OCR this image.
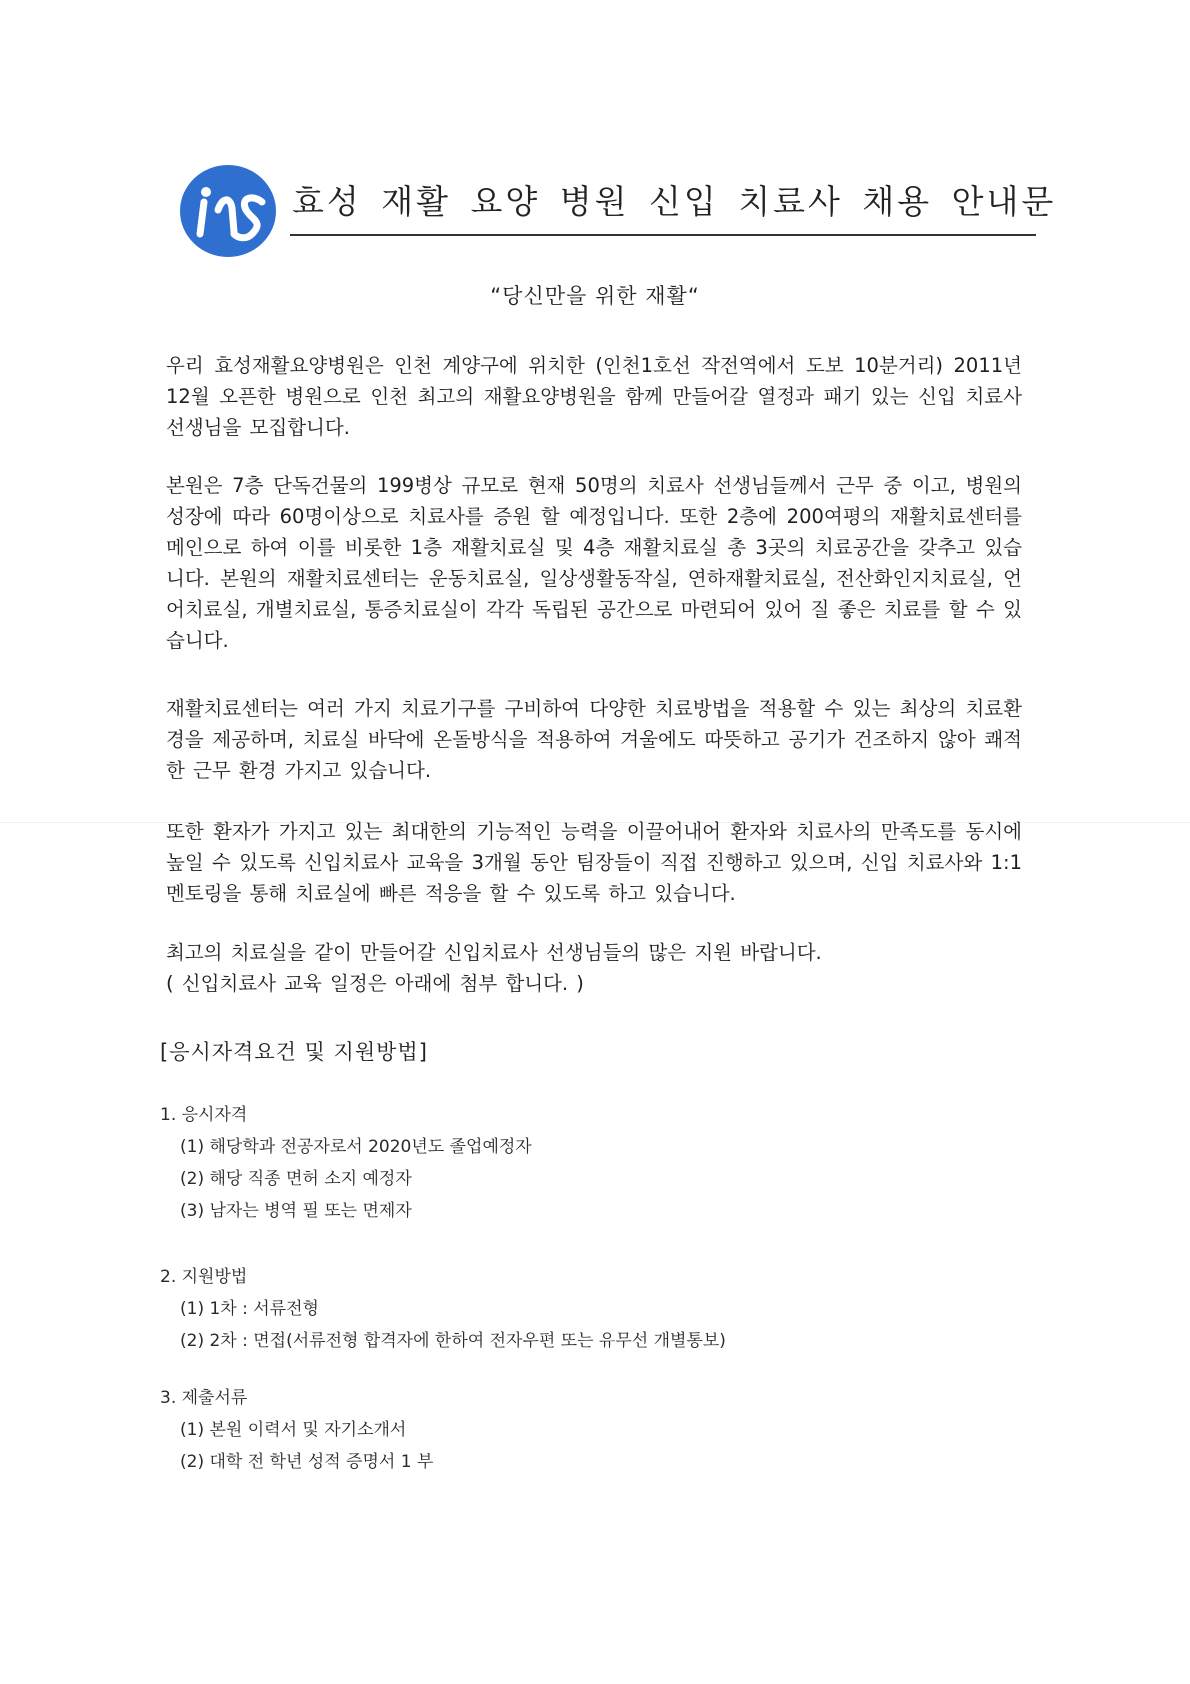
효성 재활 요양 병원 신입 치료사 채용 안내문
“당신만을 위한 재활“
우리 효성재활요양병원은 인천 계양구에 위치한 (인천1호선 작전역에서 도보 10분거리) 2011년 12월 오픈한 병원으로 인천 최고의 재활요양병원을 함께 만들어갈 열정과 패기 있는 신입 치료사 선생님을 모집합니다.
본원은 7층 단독건물의 199병상 규모로 현재 50명의 치료사 선생님들께서 근무 중 이고, 병원의 성장에 따라 60명이상으로 치료사를 증원 할 예정입니다. 또한 2층에 200여평의 재활치료센터를 메인으로 하여 이를 비롯한 1층 재활치료실 및 4층 재활치료실 총 3곳의 치료공간을 갖추고 있습니다. 본원의 재활치료센터는 운동치료실, 일상생활동작실, 연하재활치료실, 전산화인지치료실, 언어치료실, 개별치료실, 통증치료실이 각각 독립된 공간으로 마련되어 있어 질 좋은 치료를 할 수 있습니다.
재활치료센터는 여러 가지 치료기구를 구비하여 다양한 치료방법을 적용할 수 있는 최상의 치료환경을 제공하며, 치료실 바닥에 온돌방식을 적용하여 겨울에도 따뜻하고 공기가 건조하지 않아 쾌적한 근무 환경 가지고 있습니다.
또한 환자가 가지고 있는 최대한의 기능적인 능력을 이끌어내어 환자와 치료사의 만족도를 동시에 높일 수 있도록 신입치료사 교육을 3개월 동안 팀장들이 직접 진행하고 있으며, 신입 치료사와 1:1 멘토링을 통해 치료실에 빠른 적응을 할 수 있도록 하고 있습니다.
최고의 치료실을 같이 만들어갈 신입치료사 선생님들의 많은 지원 바랍니다.
( 신입치료사 교육 일정은 아래에 첨부 합니다. )
[응시자격요건 및 지원방법]
1. 응시자격
(1) 해당학과 전공자로서 2020년도 졸업예정자
(2) 해당 직종 면허 소지 예정자
(3) 남자는 병역 필 또는 면제자
2. 지원방법
(1) 1차 : 서류전형
(2) 2차 : 면접(서류전형 합격자에 한하여 전자우편 또는 유무선 개별통보)
3. 제출서류
(1) 본원 이력서 및 자기소개서
(2) 대학 전 학년 성적 증명서 1 부
